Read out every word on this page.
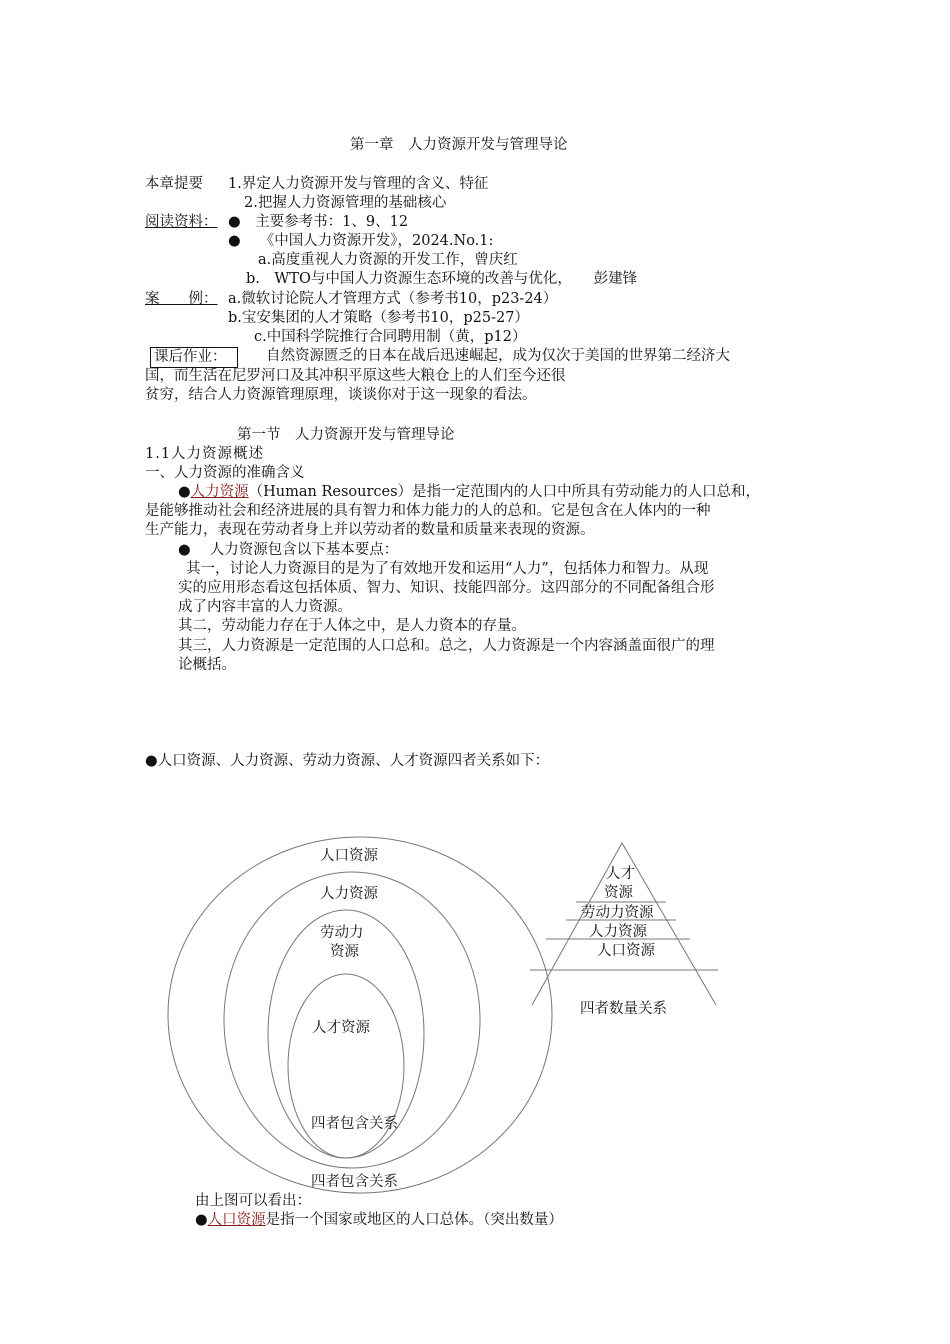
第一章　人力资源开发与管理导论
本章提要 1.界定人力资源开发与管理的含义、特征
2.把握人力资源管理的基础核心
阅读资料： ●　主要参考书：1、9、12
●　 《中国人力资源开发》，2024.No.1:
a.高度重视人力资源的开发工作，曾庆红
b.　WTO与中国人力资源生态环境的改善与优化，　　彭建锋
案　　例： a.微软讨论院人才管理方式（参考书10，p23-24）
b.宝安集团的人才策略（参考书10，p25-27）
c.中国科学院推行合同聘用制（黄，p12）
课后作业：	自然资源匮乏的日本在战后迅速崛起，成为仅次于美国的世界第二经济大
国，而生活在尼罗河口及其冲积平原这些大粮仓上的人们至今还很
贫穷，结合人力资源管理原理，谈谈你对于这一现象的看法。
第一节　人力资源开发与管理导论
1.1人力资源概述
一、人力资源的准确含义
●人力资源（Human Resources）是指一定范围内的人口中所具有劳动能力的人口总和，
是能够推动社会和经济进展的具有智力和体力能力的人的总和。它是包含在人体内的一种
生产能力，表现在劳动者身上并以劳动者的数量和质量来表现的资源。
●　 人力资源包含以下基本要点：
其一，讨论人力资源目的是为了有效地开发和运用“人力”，包括体力和智力。从现
实的应用形态看这包括体质、智力、知识、技能四部分。这四部分的不同配备组合形
成了内容丰富的人力资源。
其二，劳动能力存在于人体之中，是人力资本的存量。
其三，人力资源是一定范围的人口总和。总之，人力资源是一个内容涵盖面很广的理
论概括。
●人口资源、人力资源、劳动力资源、人才资源四者关系如下：
人口资源
人力资源
劳动力
资源
人才资源
四者包含关系
四者包含关系
人才
资源
劳动力资源
人力资源
人口资源
四者数量关系
由上图可以看出：
●人口资源是指一个国家或地区的人口总体。（突出数量）
